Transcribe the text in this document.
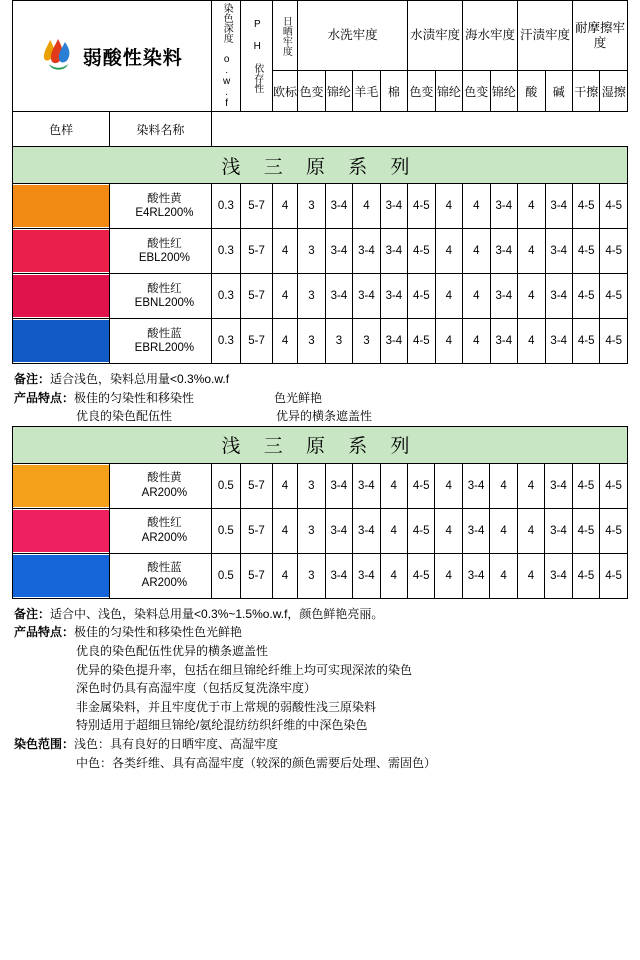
弱酸性染料		染色深度 o.w.f	P H 依存性	日晒牢度	水洗牢度				水渍牢度		海水牢度		汗渍牢度		耐摩擦牢度	
				欧标	色变	锦纶	羊毛	棉	色变	锦纶	色变	锦纶	酸	碱	干擦	湿擦
色样	染料名称															
浅 三 原 系 列																

	酸性黄
E4RL200%	0.3	5-7	4	3	3-4	4	3-4	4-5	4	4	3-4	4	3-4	4-5	4-5

	酸性红
EBL200%	0.3	5-7	4	3	3-4	3-4	3-4	4-5	4	4	3-4	4	3-4	4-5	4-5

	酸性红
EBNL200%	0.3	5-7	4	3	3-4	3-4	3-4	4-5	4	4	3-4	4	3-4	4-5	4-5

	酸性蓝
EBRL200%	0.3	5-7	4	3	3	3	3-4	4-5	4	4	3-4	4	3-4	4-5	4-5
备注： 适合浅色，染料总用量<0.3%o.w.f
产品特点： 极佳的匀染性和移染性	色光鲜艳
优良的染色配伍性	优异的横条遮盖性
浅 三 原 系 列																

	酸性黄
AR200%	0.5	5-7	4	3	3-4	3-4	4	4-5	4	3-4	4	4	3-4	4-5	4-5

	酸性红
AR200%	0.5	5-7	4	3	3-4	3-4	4	4-5	4	3-4	4	4	3-4	4-5	4-5

	酸性蓝
AR200%	0.5	5-7	4	3	3-4	3-4	4	4-5	4	3-4	4	4	3-4	4-5	4-5
备注： 适合中、浅色，染料总用量<0.3%~1.5%o.w.f，颜色鲜艳亮丽。
产品特点： 极佳的匀染性和移染性色光鲜艳
优良的染色配伍性优异的横条遮盖性
优异的染色提升率，包括在细旦锦纶纤维上均可实现深浓的染色
深色时仍具有高湿牢度（包括反复洗涤牢度）
非金属染料，并且牢度优于市上常规的弱酸性浅三原染料
特别适用于超细旦锦纶/氨纶混纺纺织纤维的中深色染色
染色范围： 浅色：具有良好的日晒牢度、高湿牢度
中色：各类纤维、具有高湿牢度（较深的颜色需要后处理、需固色）
